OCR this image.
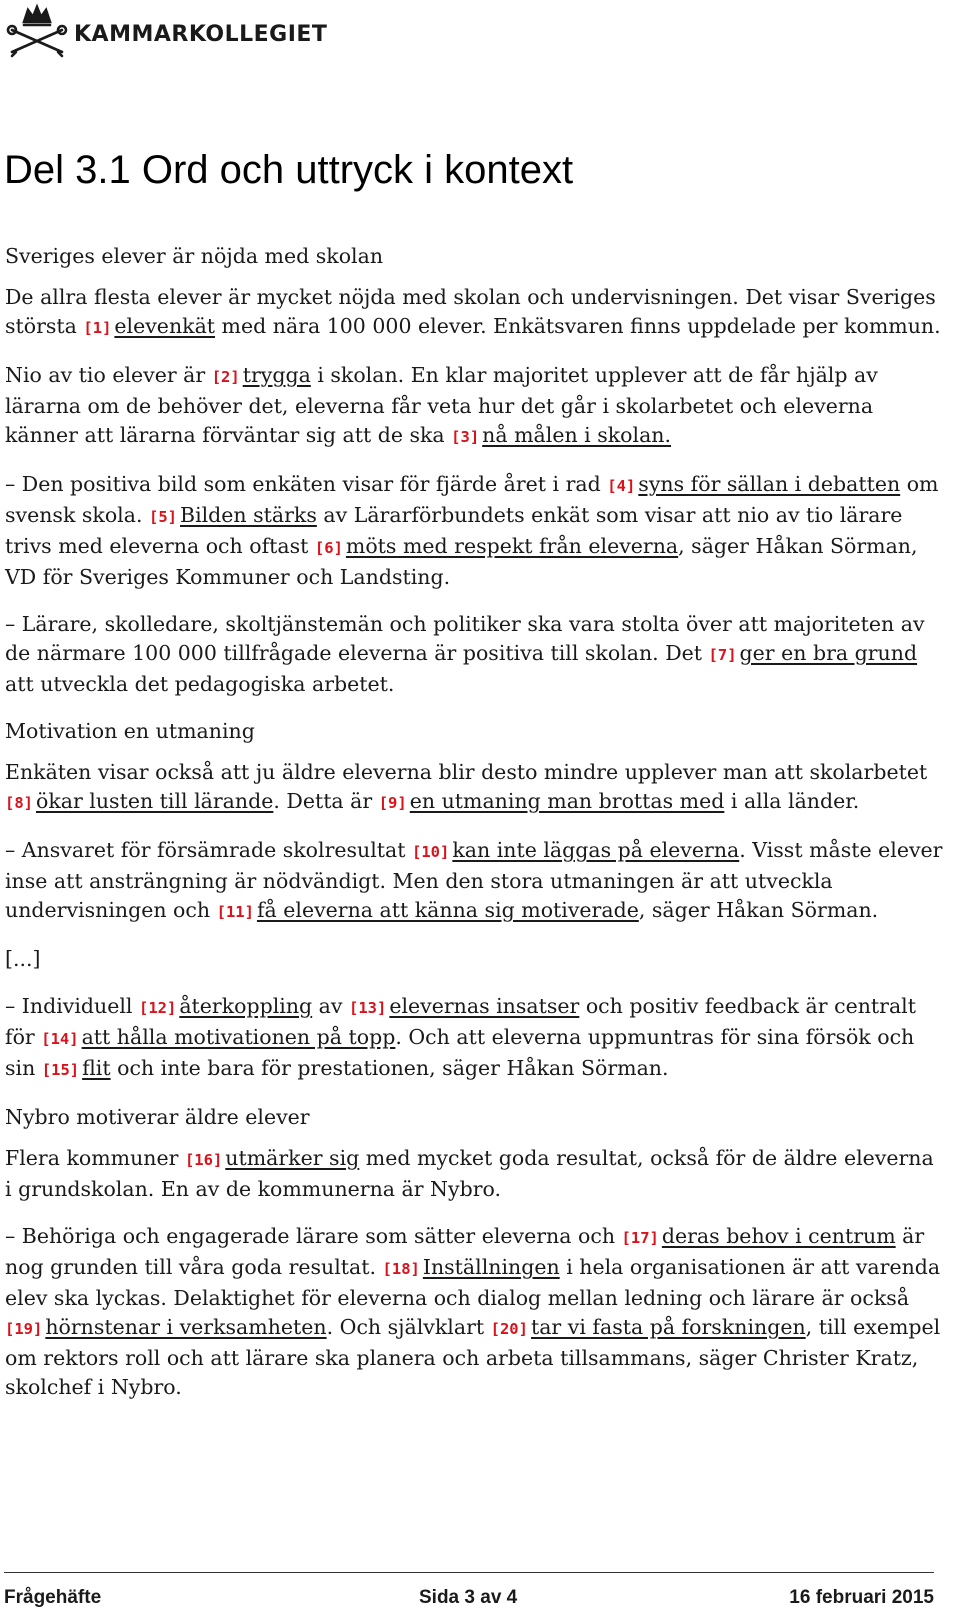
KAMMARKOLLEGIET
Del 3.1 Ord och uttryck i kontext
Sveriges elever är nöjda med skolan

De allra flesta elever är mycket nöjda med skolan och undervisningen. Det visar Sveriges största [1] elevenkät med nära 100 000 elever. Enkätsvaren finns uppdelade per kommun.

Nio av tio elever är [2] trygga i skolan. En klar majoritet upplever att de får hjälp av lärarna om de behöver det, eleverna får veta hur det går i skolarbetet och eleverna känner att lärarna förväntar sig att de ska [3] nå målen i skolan.

– Den positiva bild som enkäten visar för fjärde året i rad [4] syns för sällan i debatten om svensk skola. [5] Bilden stärks av Lärarförbundets enkät som visar att nio av tio lärare trivs med eleverna och oftast [6] möts med respekt från eleverna, säger Håkan Sörman, VD för Sveriges Kommuner och Landsting.

– Lärare, skolledare, skoltjänstemän och politiker ska vara stolta över att majoriteten av de närmare 100 000 tillfrågade eleverna är positiva till skolan. Det [7] ger en bra grund att utveckla det pedagogiska arbetet.

Motivation en utmaning

Enkäten visar också att ju äldre eleverna blir desto mindre upplever man att skolarbetet [8] ökar lusten till lärande. Detta är [9] en utmaning man brottas med i alla länder.

– Ansvaret för försämrade skolresultat [10] kan inte läggas på eleverna. Visst måste elever inse att ansträngning är nödvändigt. Men den stora utmaningen är att utveckla undervisningen och [11] få eleverna att känna sig motiverade, säger Håkan Sörman.

[...]

– Individuell [12] återkoppling av [13] elevernas insatser och positiv feedback är centralt för [14] att hålla motivationen på topp. Och att eleverna uppmuntras för sina försök och sin [15] flit och inte bara för prestationen, säger Håkan Sörman.

Nybro motiverar äldre elever

Flera kommuner [16] utmärker sig med mycket goda resultat, också för de äldre eleverna i grundskolan. En av de kommunerna är Nybro.

– Behöriga och engagerade lärare som sätter eleverna och [17] deras behov i centrum är nog grunden till våra goda resultat. [18] Inställningen i hela organisationen är att varenda elev ska lyckas. Delaktighet för eleverna och dialog mellan ledning och lärare är också [19] hörnstenar i verksamheten. Och självklart [20] tar vi fasta på forskningen, till exempel om rektors roll och att lärare ska planera och arbeta tillsammans, säger Christer Kratz, skolchef i Nybro.

Frågehäfte	Sida 3 av 4	16 februari 2015
